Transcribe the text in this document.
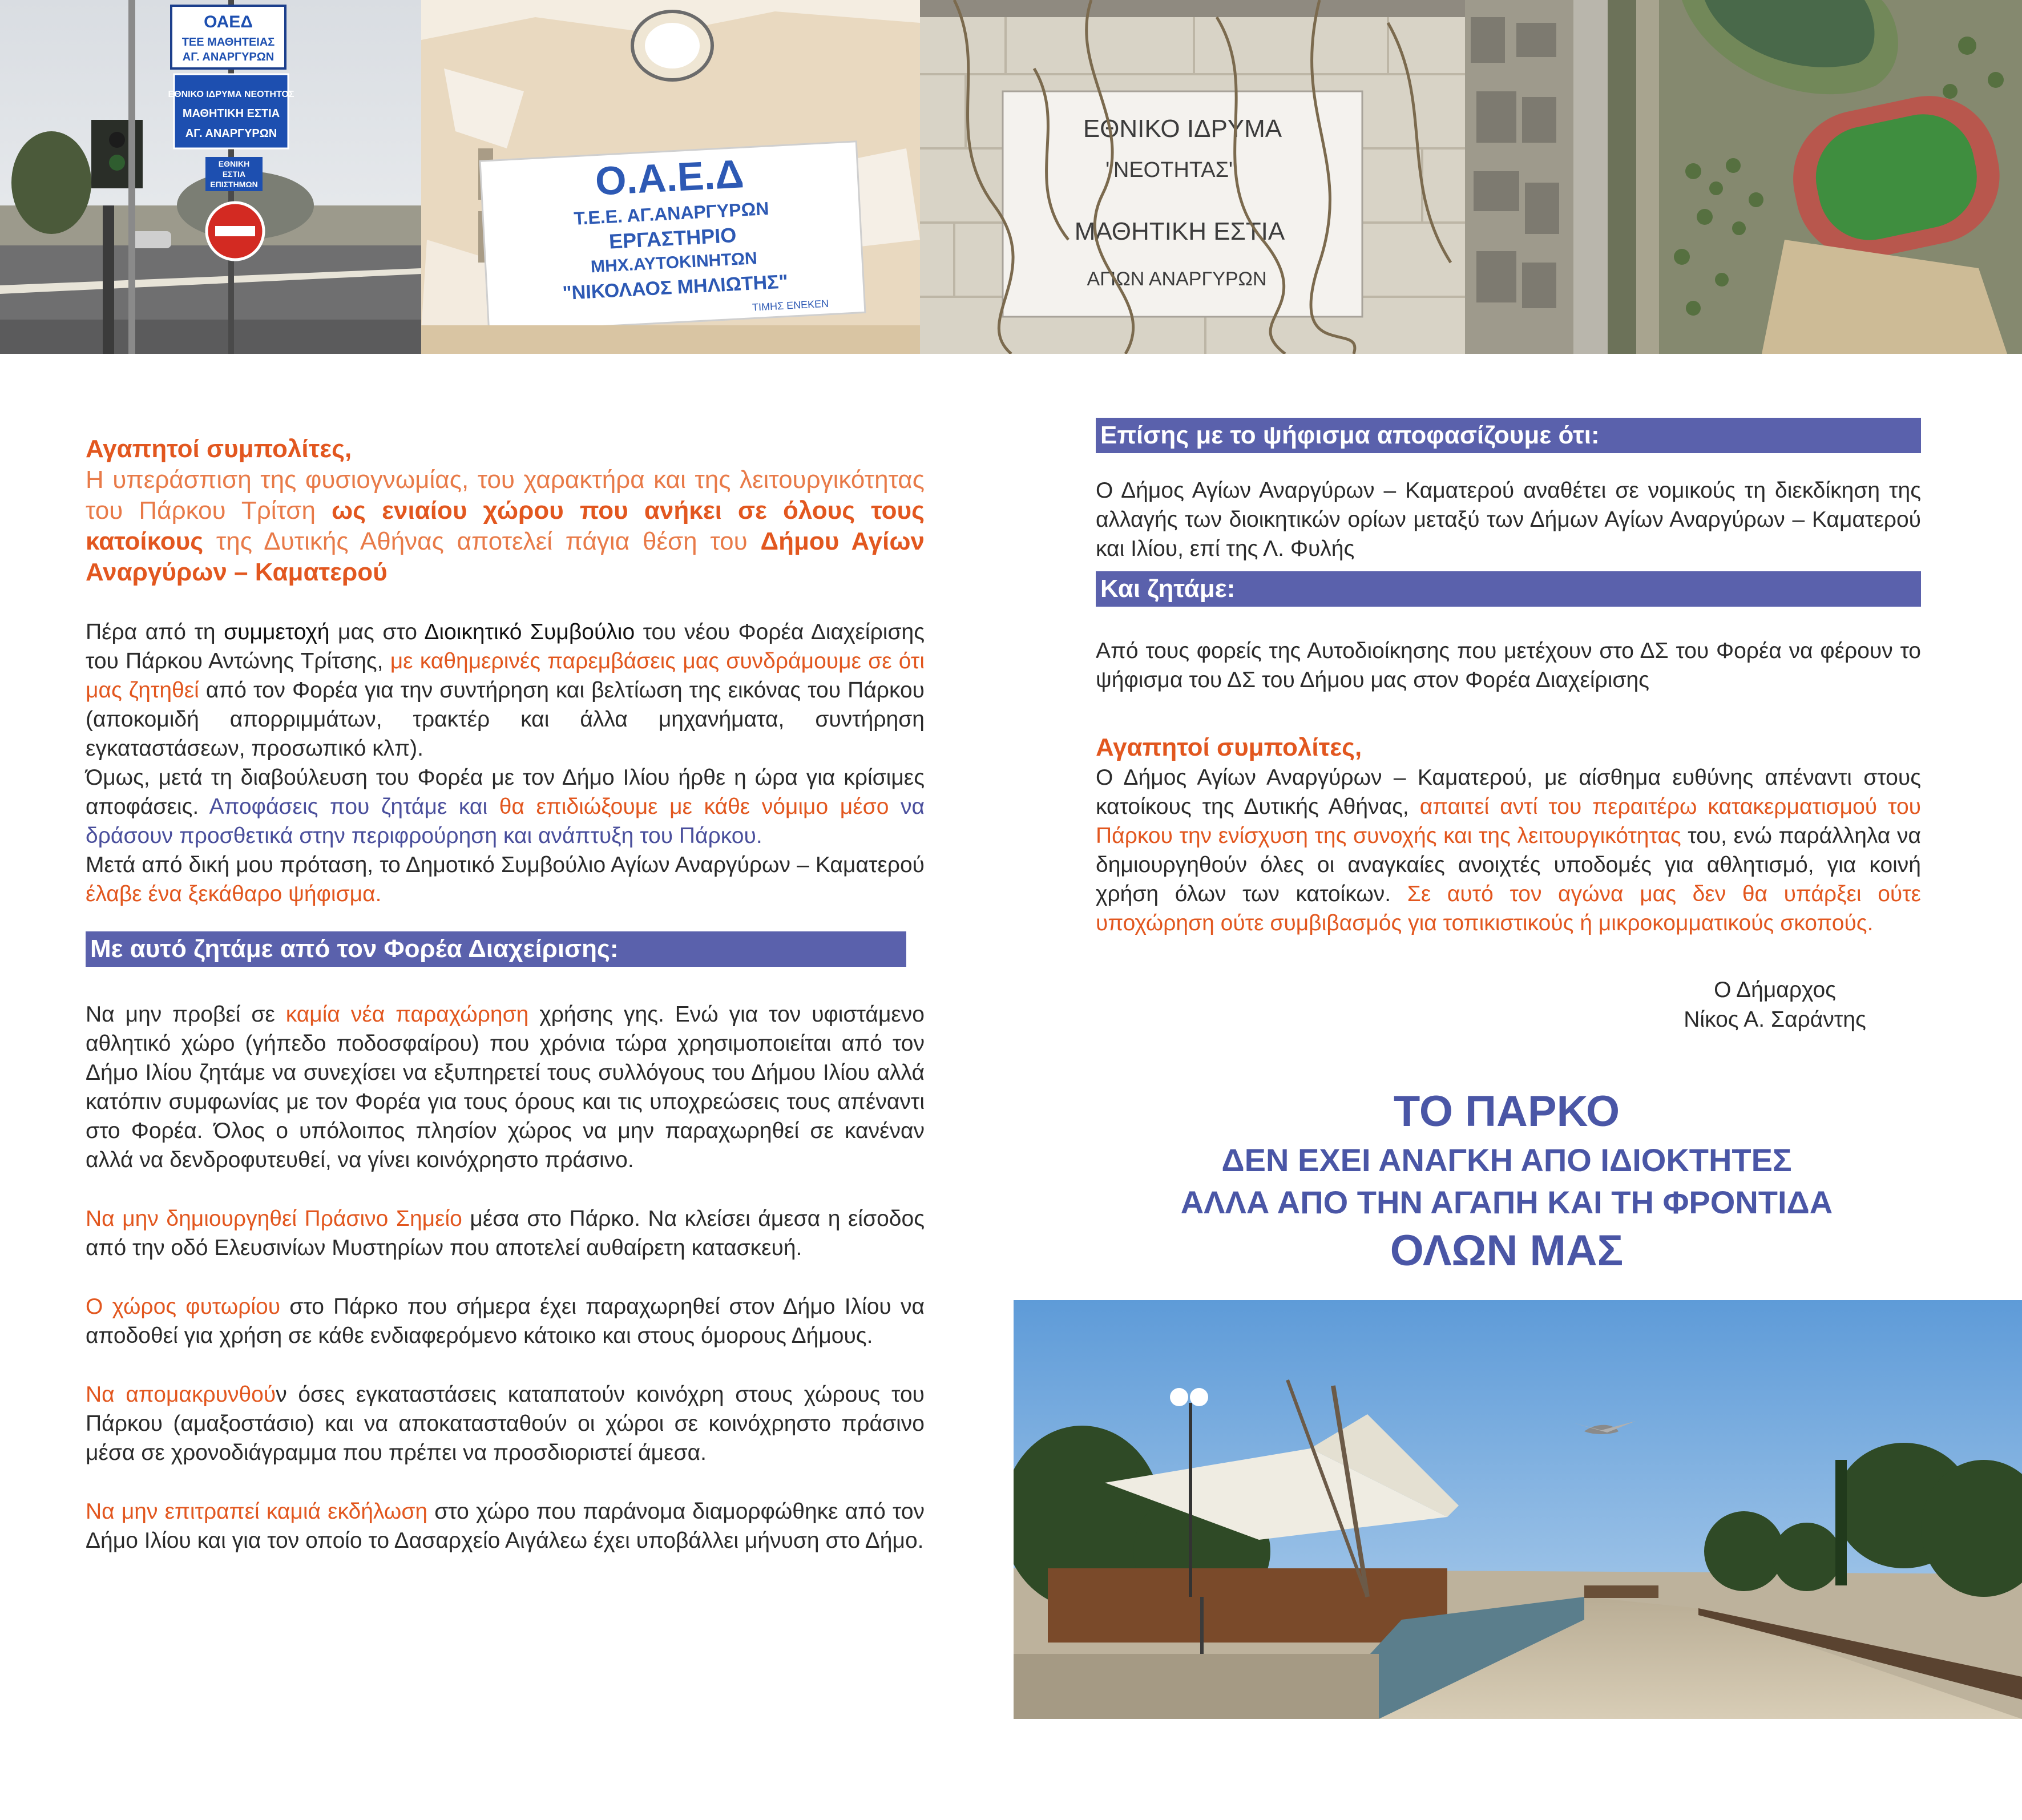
ΟΑΕΔ
ΤΕΕ ΜΑΘΗΤΕΙΑΣ
ΑΓ. ΑΝΑΡΓΥΡΩΝ
ΕΘΝΙΚΟ ΙΔΡΥΜΑ ΝΕΟΤΗΤΟΣ
ΜΑΘΗΤΙΚΗ ΕΣΤΙΑ
ΑΓ. ΑΝΑΡΓΥΡΩΝ
ΕΘΝΙΚΗ
ΕΣΤΙΑ
ΕΠΙΣΤΗΜΩΝ	Ο.Α.Ε.Δ
Τ.Ε.Ε. ΑΓ.ΑΝΑΡΓΥΡΩΝ
ΕΡΓΑΣΤΗΡΙΟ
ΜΗΧ.ΑΥΤΟΚΙΝΗΤΩΝ
"ΝΙΚΟΛΑΟΣ ΜΗΛΙΩΤΗΣ"
ΤΙΜΗΣ ΕΝΕΚΕΝ
ΕΘΝΙΚΟ ΙΔΡΥΜΑ
"ΝΕΟΤΗΤΑΣ"
ΜΑΘΗΤΙΚΗ ΕΣΤΙΑ
ΑΓΙΩΝ ΑΝΑΡΓΥΡΩΝ

Αγαπητοί συμπολίτες,

Η υπεράσπιση της φυσιογνωμίας, του χαρακτήρα και της λειτουργικότητας του Πάρκου Τρίτση ως ενιαίου χώρου που ανήκει σε όλους τους κατοίκους της Δυτικής Αθήνας αποτελεί πάγια θέση του Δήμου Αγίων Αναργύρων – Καματερού

Πέρα από τη συμμετοχή μας στο Διοικητικό Συμβούλιο του νέου Φορέα Διαχείρισης του Πάρκου Αντώνης Τρίτσης, με καθημερινές παρεμβάσεις μας συνδράμουμε σε ότι μας ζητηθεί από τον Φορέα για την συντήρηση και βελτίωση της εικόνας του Πάρκου (αποκομιδή απορριμμάτων, τρακτέρ και άλλα μηχανήματα, συντήρηση εγκαταστάσεων, προσωπικό κλπ).

Όμως, μετά τη διαβούλευση του Φορέα με τον Δήμο Ιλίου ήρθε η ώρα για κρίσιμες αποφάσεις. Αποφάσεις που ζητάμε και θα επιδιώξουμε με κάθε νόμιμο μέσο να δράσουν προσθετικά στην περιφρούρηση και ανάπτυξη του Πάρκου.

Μετά από δική μου πρόταση, το Δημοτικό Συμβούλιο Αγίων Αναργύρων – Καματερού έλαβε ένα ξεκάθαρο ψήφισμα.

Με αυτό ζητάμε από τον Φορέα Διαχείρισης:

Να μην προβεί σε καμία νέα παραχώρηση χρήσης γης. Ενώ για τον υφιστάμενο αθλητικό χώρο (γήπεδο ποδοσφαίρου) που χρόνια τώρα χρησιμοποιείται από τον Δήμο Ιλίου ζητάμε να συνεχίσει να εξυπηρετεί τους συλλόγους του Δήμου Ιλίου αλλά κατόπιν συμφωνίας με τον Φορέα για τους όρους και τις υποχρεώσεις τους απέναντι στο Φορέα. Όλος ο υπόλοιπος πλησίον χώρος να μην παραχωρηθεί σε κανέναν αλλά να δενδροφυτευθεί, να γίνει κοινόχρηστο πράσινο.

Να μην δημιουργηθεί Πράσινο Σημείο μέσα στο Πάρκο. Να κλείσει άμεσα η είσοδος από την οδό Ελευσινίων Μυστηρίων που αποτελεί αυθαίρετη κατασκευή.

Ο χώρος φυτωρίου στο Πάρκο που σήμερα έχει παραχωρηθεί στον Δήμο Ιλίου να αποδοθεί για χρήση σε κάθε ενδιαφερόμενο κάτοικο και στους όμορους Δήμους.

Να απομακρυνθούν όσες εγκαταστάσεις καταπατούν κοινόχρη στους χώρους του Πάρκου (αμαξοστάσιο) και να αποκατασταθούν οι χώροι σε κοινόχρηστο πράσινο μέσα σε χρονοδιάγραμμα που πρέπει να προσδιοριστεί άμεσα.

Να μην επιτραπεί καμιά εκδήλωση στο χώρο που παράνομα διαμορφώθηκε από τον Δήμο Ιλίου και για τον οποίο το Δασαρχείο Αιγάλεω έχει υποβάλλει μήνυση στο Δήμο.

Επίσης με το ψήφισμα αποφασίζουμε ότι:

Ο Δήμος Αγίων Αναργύρων – Καματερού αναθέτει σε νομικούς τη διεκδίκηση της αλλαγής των διοικητικών ορίων μεταξύ των Δήμων Αγίων Αναργύρων – Καματερού και Ιλίου, επί της Λ. Φυλής

Και ζητάμε:

Από τους φορείς της Αυτοδιοίκησης που μετέχουν στο ΔΣ του Φορέα να φέρουν το ψήφισμα του ΔΣ του Δήμου μας στον Φορέα Διαχείρισης

Αγαπητοί συμπολίτες,

Ο Δήμος Αγίων Αναργύρων – Καματερού, με αίσθημα ευθύνης απέναντι στους κατοίκους της Δυτικής Αθήνας, απαιτεί αντί του περαιτέρω κατακερματισμού του Πάρκου την ενίσχυση της συνοχής και της λειτουργικότητας του, ενώ παράλληλα να δημιουργηθούν όλες οι αναγκαίες ανοιχτές υποδομές για αθλητισμό, για κοινή χρήση όλων των κατοίκων. Σε αυτό τον αγώνα μας δεν θα υπάρξει ούτε υποχώρηση ούτε συμβιβασμός για τοπικιστικούς ή μικροκομματικούς σκοπούς.

Ο Δήμαρχος
Νίκος Α. Σαράντης
ΤΟ ΠΑΡΚΟ
ΔΕΝ ΕΧΕΙ ΑΝΑΓΚΗ ΑΠΟ ΙΔΙΟΚΤΗΤΕΣ
ΑΛΛΑ ΑΠΟ ΤΗΝ ΑΓΑΠΗ ΚΑΙ ΤΗ ΦΡΟΝΤΙΔΑ
ΟΛΩΝ ΜΑΣ
